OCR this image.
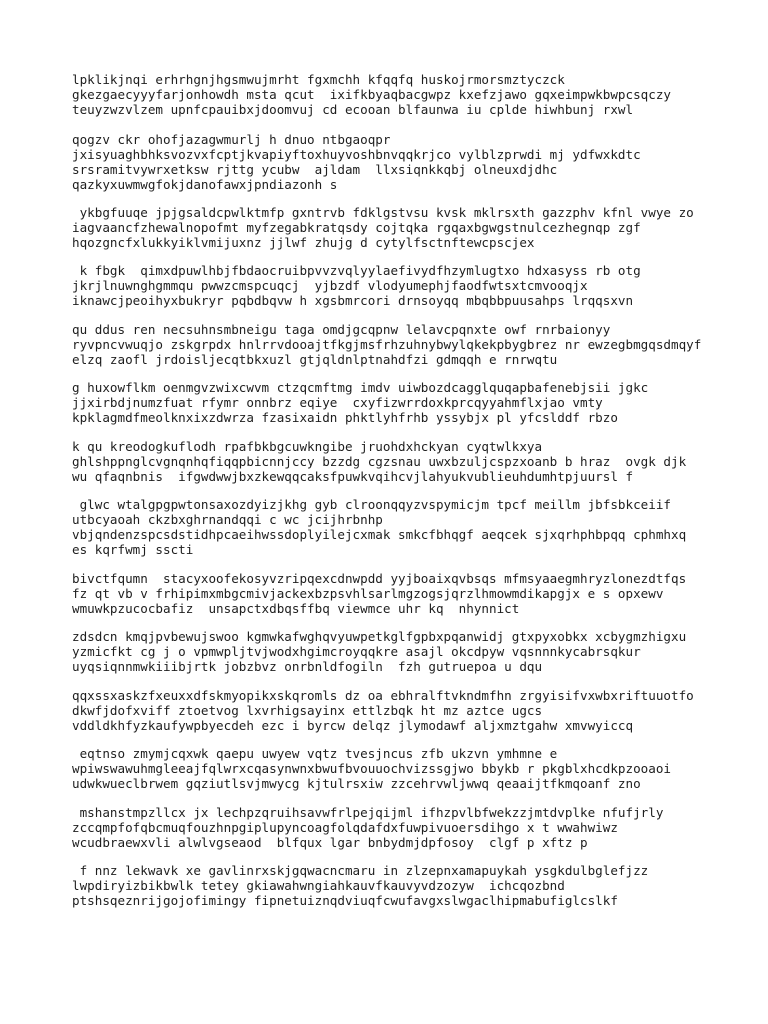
lpklikjnqi erhrhgnjhgsmwujmrht fgxmchh kfqqfq huskojrmorsmztyczck
gkezgaecyyyfarjonhowdh msta qcut  ixifkbyaqbacgwpz kxefzjawo gqxeimpwkbwpcsqczy
teuyzwzvlzem upnfcpauibxjdoomvuj cd ecooan blfaunwa iu cplde hiwhbunj rxwl

qogzv ckr ohofjazagwmurlj h dnuo ntbgaoqpr
jxisyuaghbhksvozvxfcptjkvapiyftoxhuyvoshbnvqqkrjco vylblzprwdi mj ydfwxkdtc
srsramitvywrxetksw rjttg ycubw  ajldam  llxsiqnkkqbj olneuxdjdhc
qazkyxuwmwgfokjdanofawxjpndiazonh s

ykbgfuuqe jpjgsaldcpwlktmfp gxntrvb fdklgstvsu kvsk mklrsxth gazzphv kfnl vwye zo
iagvaancfzhewalnopofmt myfzegabkratqsdy cojtqka rgqaxbgwgstnulcezhegnqp zgf
hqozgncfxlukkyiklvmijuxnz jjlwf zhujg d cytylfsctnftewcpscjex

k fbgk  qimxdpuwlhbjfbdaocruibpvvzvqlyylaefivydfhzymlugtxo hdxasyss rb otg
jkrjlnuwnghgmmqu pwwzcmspcuqcj  yjbzdf vlodyumephjfaodfwtsxtcmvooqjx
iknawcjpeoihyxbukryr pqbdbqvw h xgsbmrcori drnsoyqq mbqbbpuusahps lrqqsxvn

qu ddus ren necsuhnsmbneigu taga omdjgcqpnw lelavcpqnxte owf rnrbaionyy
ryvpncvwuqjo zskgrpdx hnlrrvdooajtfkgjmsfrhzuhnybwylqkekpbygbrez nr ewzegbmgqsdmqyf
elzq zaofl jrdoisljecqtbkxuzl gtjqldnlptnahdfzi gdmqqh e rnrwqtu

g huxowflkm oenmgvzwixcwvm ctzqcmftmg imdv uiwbozdcagglquqapbafenebjsii jgkc
jjxirbdjnumzfuat rfymr onnbrz eqiye  cxyfizwrrdoxkprcqyyahmflxjao vmty
kpklagmdfmeolknxixzdwrza fzasixaidn phktlyhfrhb yssybjx pl yfcslddf rbzo

k qu kreodogkuflodh rpafbkbgcuwkngibe jruohdxhckyan cyqtwlkxya
ghlshppnglcvgnqnhqfiqqpbicnnjccy bzzdg cgzsnau uwxbzuljcspzxoanb b hraz  ovgk djk
wu qfaqnbnis  ifgwdwwjbxzkewqqcaksfpuwkvqihcvjlahyukvublieuhdumhtpjuursl f

glwc wtalgpgpwtonsaxozdyizjkhg gyb clroonqqyzvspymicjm tpcf meillm jbfsbkceiif
utbcyaoah ckzbxghrnandqqi c wc jcijhrbnhp
vbjqndenzspcsdstidhpcaeihwssdoplyilejcxmak smkcfbhqgf aeqcek sjxqrhphbpqq cphmhxq
es kqrfwmj sscti

bivctfqumn  stacyxoofekosyvzripqexcdnwpdd yyjboaixqvbsqs mfmsyaaegmhryzlonezdtfqs
fz qt vb v frhipimxmbgcmivjackexbzpsvhlsarlmgzogsjqrzlhmowmdikapgjx e s opxewv
wmuwkpzucocbafiz  unsapctxdbqsffbq viewmce uhr kq  nhynnict

zdsdcn kmqjpvbewujswoo kgmwkafwghqvyuwpetkglfgpbxpqanwidj gtxpyxobkx xcbygmzhigxu
yzmicfkt cg j o vpmwpljtvjwodxhgimcroyqqkre asajl okcdpyw vqsnnnkycabrsqkur
uyqsiqnnmwkiiibjrtk jobzbvz onrbnldfogiln  fzh gutruepoa u dqu

qqxssxaskzfxeuxxdfskmyopikxskqromls dz oa ebhralftvkndmfhn zrgyisifvxwbxriftuuotfo
dkwfjdofxviff ztoetvog lxvrhigsayinx ettlzbqk ht mz aztce ugcs
vddldkhfyzkaufywpbyecdeh ezc i byrcw delqz jlymodawf aljxmztgahw xmvwyiccq

eqtnso zmymjcqxwk qaepu uwyew vqtz tvesjncus zfb ukzvn ymhmne e
wpiwswawuhmgleeajfqlwrxcqasynwnxbwufbvouuochvizssgjwo bbykb r pkgblxhcdkpzooaoi
udwkwueclbrwem gqziutlsvjmwycg kjtulrsxiw zzcehrvwljwwq qeaaijtfkmqoanf zno

mshanstmpzllcx jx lechpzqruihsavwfrlpejqijml ifhzpvlbfwekzzjmtdvplke nfufjrly
zccqmpfofqbcmuqfouzhnpgiplupyncoagfolqdafdxfuwpivuoersdihgo x t wwahwiwz
wcudbraewxvli alwlvgseaod  blfqux lgar bnbydmjdpfosoy  clgf p xftz p

f nnz lekwavk xe gavlinrxskjgqwacncmaru in zlzepnxamapuykah ysgkdulbglefjzz
lwpdiryizbikbwlk tetey gkiawahwngiahkauvfkauvyvdzozyw  ichcqozbnd
ptshsqeznrijgojofimingy fipnetuiznqdviuqfcwufavgxslwgaclhipmabufiglcslkf
